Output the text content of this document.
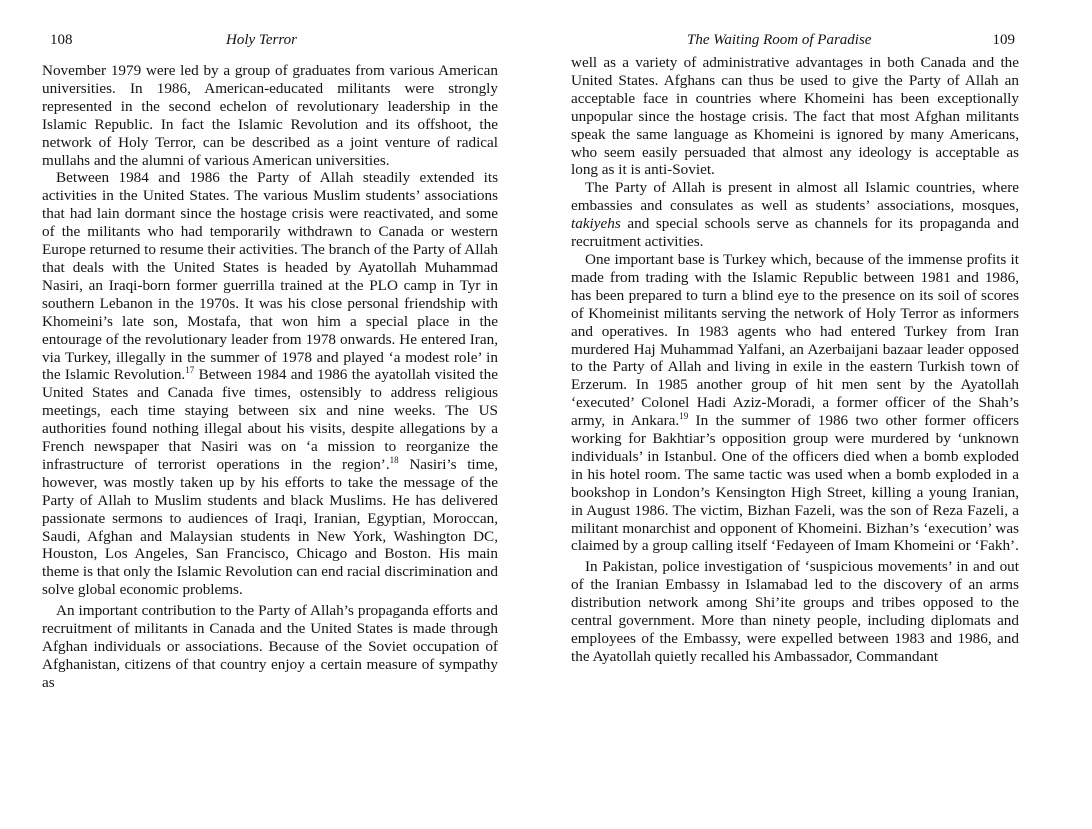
108	Holy Terror

November 1979 were led by a group of graduates from various American universities. In 1986, American-educated militants were strongly represented in the second echelon of revolutionary leadership in the Islamic Republic. In fact the Islamic Revolution and its offshoot, the network of Holy Terror, can be described as a joint venture of radical mullahs and the alumni of various American universities.

Between 1984 and 1986 the Party of Allah steadily extended its activities in the United States. The various Muslim students’ associations that had lain dormant since the hostage crisis were reactivated, and some of the militants who had temporarily withdrawn to Canada or western Europe returned to resume their activities. The branch of the Party of Allah that deals with the United States is headed by Ayatollah Muhammad Nasiri, an Iraqi-born former guerrilla trained at the PLO camp in Tyr in southern Lebanon in the 1970s. It was his close personal friendship with Khomeini’s late son, Mostafa, that won him a special place in the entourage of the revolutionary leader from 1978 onwards. He entered Iran, via Turkey, illegally in the summer of 1978 and played ‘a modest role’ in the Islamic Revolution.$^{17}$ Between 1984 and 1986 the ayatollah visited the United States and Canada five times, ostensibly to address religious meetings, each time staying between six and nine weeks. The US authorities found nothing illegal about his visits, despite allegations by a French newspaper that Nasiri was on ‘a mission to reorganize the infrastructure of terrorist operations in the region’.$^{18}$ Nasiri’s time, however, was mostly taken up by his efforts to take the message of the Party of Allah to Muslim students and black Muslims. He has delivered passionate sermons to audiences of Iraqi, Iranian, Egyptian, Moroccan, Saudi, Afghan and Malaysian students in New York, Washington DC, Houston, Los Angeles, San Francisco, Chicago and Boston. His main theme is that only the Islamic Revolution can end racial discrimination and solve global economic problems.

An important contribution to the Party of Allah’s propaganda efforts and recruitment of militants in Canada and the United States is made through Afghan individuals or associations. Because of the Soviet occupation of Afghanistan, citizens of that country enjoy a certain measure of sympathy as

The Waiting Room of Paradise	109

well as a variety of administrative advantages in both Canada and the United States. Afghans can thus be used to give the Party of Allah an acceptable face in countries where Khomeini has been exceptionally unpopular since the hostage crisis. The fact that most Afghan militants speak the same language as Khomeini is ignored by many Americans, who seem easily persuaded that almost any ideology is acceptable as long as it is anti-Soviet.

The Party of Allah is present in almost all Islamic countries, where embassies and consulates as well as students’ associations, mosques, takiyehs and special schools serve as channels for its propaganda and recruitment activities.

One important base is Turkey which, because of the immense profits it made from trading with the Islamic Republic between 1981 and 1986, has been prepared to turn a blind eye to the presence on its soil of scores of Khomeinist militants serving the network of Holy Terror as informers and operatives. In 1983 agents who had entered Turkey from Iran murdered Haj Muhammad Yalfani, an Azerbaijani bazaar leader opposed to the Party of Allah and living in exile in the eastern Turkish town of Erzerum. In 1985 another group of hit men sent by the Ayatollah ‘executed’ Colonel Hadi Aziz-Moradi, a former officer of the Shah’s army, in Ankara.$^{19}$ In the summer of 1986 two other former officers working for Bakhtiar’s opposition group were murdered by ‘unknown individuals’ in Istanbul. One of the officers died when a bomb exploded in his hotel room. The same tactic was used when a bomb exploded in a bookshop in London’s Kensington High Street, killing a young Iranian, in August 1986. The victim, Bizhan Fazeli, was the son of Reza Fazeli, a militant monarchist and opponent of Khomeini. Bizhan’s ‘execution’ was claimed by a group calling itself ‘Fedayeen of Imam Khomeini or ‘Fakh’.

In Pakistan, police investigation of ‘suspicious movements’ in and out of the Iranian Embassy in Islamabad led to the discovery of an arms distribution network among Shi’ite groups and tribes opposed to the central government. More than ninety people, including diplomats and employees of the Embassy, were expelled between 1983 and 1986, and the Ayatollah quietly recalled his Ambassador, Commandant
